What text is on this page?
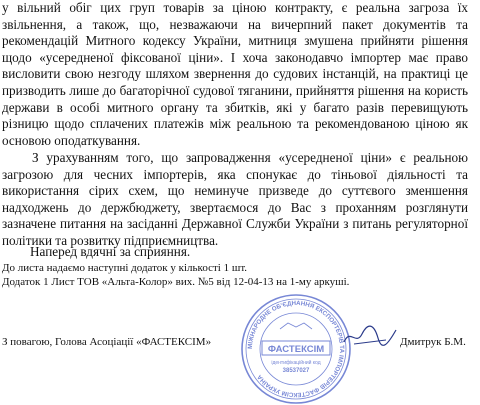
у вільний обіг цих груп товарів за ціною контракту, є реальна загроза їх звільнення, а також, що, незважаючи на вичерпний пакет документів та рекомендацій Митного кодексу України, митниця змушена прийняти рішення щодо «усередненої фіксованої ціни». І хоча законодавчо імпортер має право висловити свою незгоду шляхом звернення до судових інстанцій, на практиці це призводить лише до багаторічної судової тяганини, прийняття рішення на користь держави в особі митного органу та збитків, які у багато разів перевищують різницю щодо сплачених платежів між реальною та рекомендованою ціною як основою оподаткування.

З урахуванням того, що запровадження «усередненої ціни» є реальною загрозою для чесних імпортерів, яка спонукає до тіньової діяльності та використання сірих схем, що неминуче призведе до суттєвого зменшення надходжень до держбюджету, звертаємося до Вас з проханням розглянути зазначене питання на засіданні Державної Служби України з питань регуляторної політики та розвитку підприємництва.

Наперед вдячні за сприяння.

До листа надаємо наступні додаток у кількості 1 шт.

Додаток 1 Лист ТОВ «Альта-Колор» вих. №5 від 12-04-13 на 1-му аркуші.

МІЖНАРОДНЕ ОБ'ЄДНАННЯ ЕКСПОРТЕРІВ ТА ІМПОРТЕРІВ ФАСТЕКСІМ УКРАЇНА
ФАСТЕКСІМ
ідентифікаційний код
38537027

З повагою, Голова Асоціації «ФАСТЕКСІМ»	Дмитрук Б.М.
